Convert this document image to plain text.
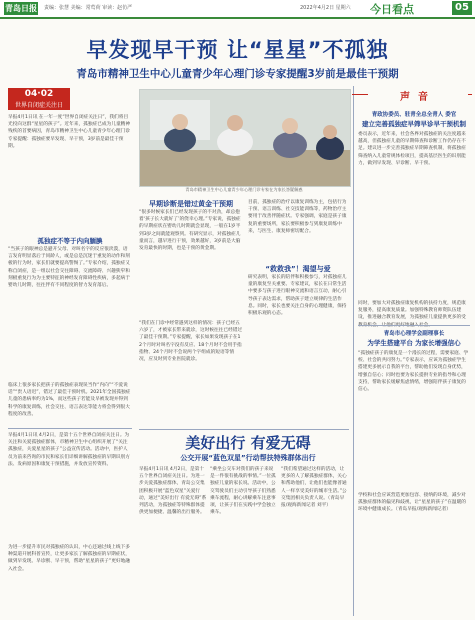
青岛日报 责编：张慧 美编：常莺荷 审读：赵仿严	2022年4月2日 星期六 今日看点	05
早发现早干预 让“星星”不孤独
青岛市精神卫生中心儿童青少年心理门诊专家提醒3岁前是最佳干预期
04·02
世界自闭症关注日
早报4月1日讯 在一年一度“世界自闭症关注日”，我们将目光投向这群“星星的孩子”。近年来，孤独症已成为儿童精神残疾的首要病因，青岛市精神卫生中心儿童青少年心理门诊专家提醒：孤独症要早发现、早干预，3岁前是最佳干预期。
孤独症不等于内向腼腆
“当孩子的眼神总是避开父母、对叫名字的反应很淡漠，语言发育明显落后于同龄人，或是总是沉迷于重复的动作和刻板的行为时，家长们就要提高警惕了。”专家介绍，孤独症又称自闭症，是一组以社会交往障碍、交流障碍、兴趣狭窄和刻板重复行为为主要特征的神经发育障碍性疾病，多起病于婴幼儿时期，往往伴有不同程度的智力发育落后。
临床上很多家长把孩子的孤独症表现误当作“内向”“不爱说话”“贵人语迟”，错过了最佳干预时机。2021年全国孤独症儿童的患病率约为1%，而这些孩子若能及早被发现并得到科学的康复训练，社会交往、语言表达等能力将会得到很大程度的改善。
早报4月1日讯 4月2日，是第十五个世界自闭症关注日。为关注和关爱孤独症群体，市精神卫生中心组织开展了“关注孤独症，关爱星星的孩子”公益宣传活动。活动中，医护人员为前来咨询的市民和家长们详细讲解孤独症的早期识别方法、发病原因和康复干预措施，并发放宣传资料。
为进一步提升市民对孤独症的认识，中心还通过线上线下多种渠道开展科普宣传，让更多家长了解孤独症的早期症状，做到早发现、早诊断、早干预，帮助“星星的孩子”更好地融入社会。
青岛市精神卫生中心儿童青少年心理门诊专家在为家长答疑解惑
早期诊断是错过黄金干预期
“很多时候家长们已经发现孩子的不对劲，却总抱着‘孩子长大就好了’的侥幸心理。”专家说，孤独症的早期症状在婴幼儿时期就会显现，一般在1岁半到3岁之间就能观察到。有研究显示，对孤独症儿童而言，越早进行干预，效果越好，3岁前是大脑发育最快的时期，也是干预的黄金期。
“我们在门诊中经常遇到这样的情况：孩子已经五六岁了，才被家长带来就诊，这时候往往已经错过了最佳干预期。”专家提醒，家长如果发现孩子在12个月时对叫名字没有反应、18个月时不会用手指指物、24个月时不会说两个字组成的短语等情况，应及时到专业医院就诊。
目前，孤独症的治疗以康复训练为主，包括行为干预、语言训练、社交技能训练等，药物治疗主要用于改善伴随症状。专家强调，家庭是孩子康复的重要场所，家长要积极参与到康复训练中来，与医生、康复师密切配合。
“救救我”！渴望与爱
研究表明，家长的陪伴和积极参与，对孤独症儿童的康复至关重要。专家建议，家长在日常生活中要多与孩子进行眼神交流和语言互动，耐心引导孩子表达需求，帮助孩子建立规律的生活作息。同时，家长也要关注自身的心理健康，保持积极乐观的心态。
美好出行 有爱无碍
公交开展“蓝色双星”行动帮扶特殊群体出行
早报4月1日讯 4月2日，是第十五个世界自闭症关注日。为进一步关爱孤独症群体，青岛公交集团积极开展“蓝色双星”关爱行动，通过“美好出行 有爱无碍”系列活动，为孤独症等特殊群体提供更加便捷、温馨的出行服务。
“乘坐公交车对我们的孩子来说是一件很有挑战的事情。”一位孤独症儿童的家长说。活动中，公交驾驶员们主动引导孩子们熟悉乘车流程，耐心讲解乘车注意事项，让孩子们在实践中学会独立乘车。
“我们希望通过这样的活动，让更多的人了解孤独症群体，关心和帮助他们，让他们也能像普通人一样享受美好的城市生活。”公交集团相关负责人说。（青岛早报/观海新闻记者 刘平）
声音
青政协委员、驻青全总全青人 委官
建立完善孤独症早筛早诊早干预机制
委员表示，近年来，社会各界对孤独症的关注度越来越高，但孤独症儿童的早期筛查和诊断工作仍存在不足。建议进一步完善孤独症早期筛查机制，将孤独症筛查纳入儿童常规体检项目，提高基层医生的识别能力，做到早发现、早诊断、早干预。
同时，要加大对孤独症康复机构的扶持力度，规范康复服务，提高康复质量。加强特殊教育师资队伍建设，推进融合教育发展，为孤独症儿童提供更多的受
青岛市心理学会副理事长
为学生搭建平台 为家长增强信心
“孤独症孩子的康复是一个漫长的过程，需要家庭、学校、社会的共同努力。”专家表示，应该为孤独症学生搭建更多展示自我的平台，帮助他们发现自身优势，增强自信心；同时也要为家长提供专业的指导和心理支持，帮助家长缓解焦虑情绪，增强陪伴孩子康复的信心。
学校和社会应该营造更加包容、接纳的环境，减少对孤独症群体的偏见和歧视，让“星星的孩子”在温暖的环境中健康成长。（青岛早报/观海新闻记者）
